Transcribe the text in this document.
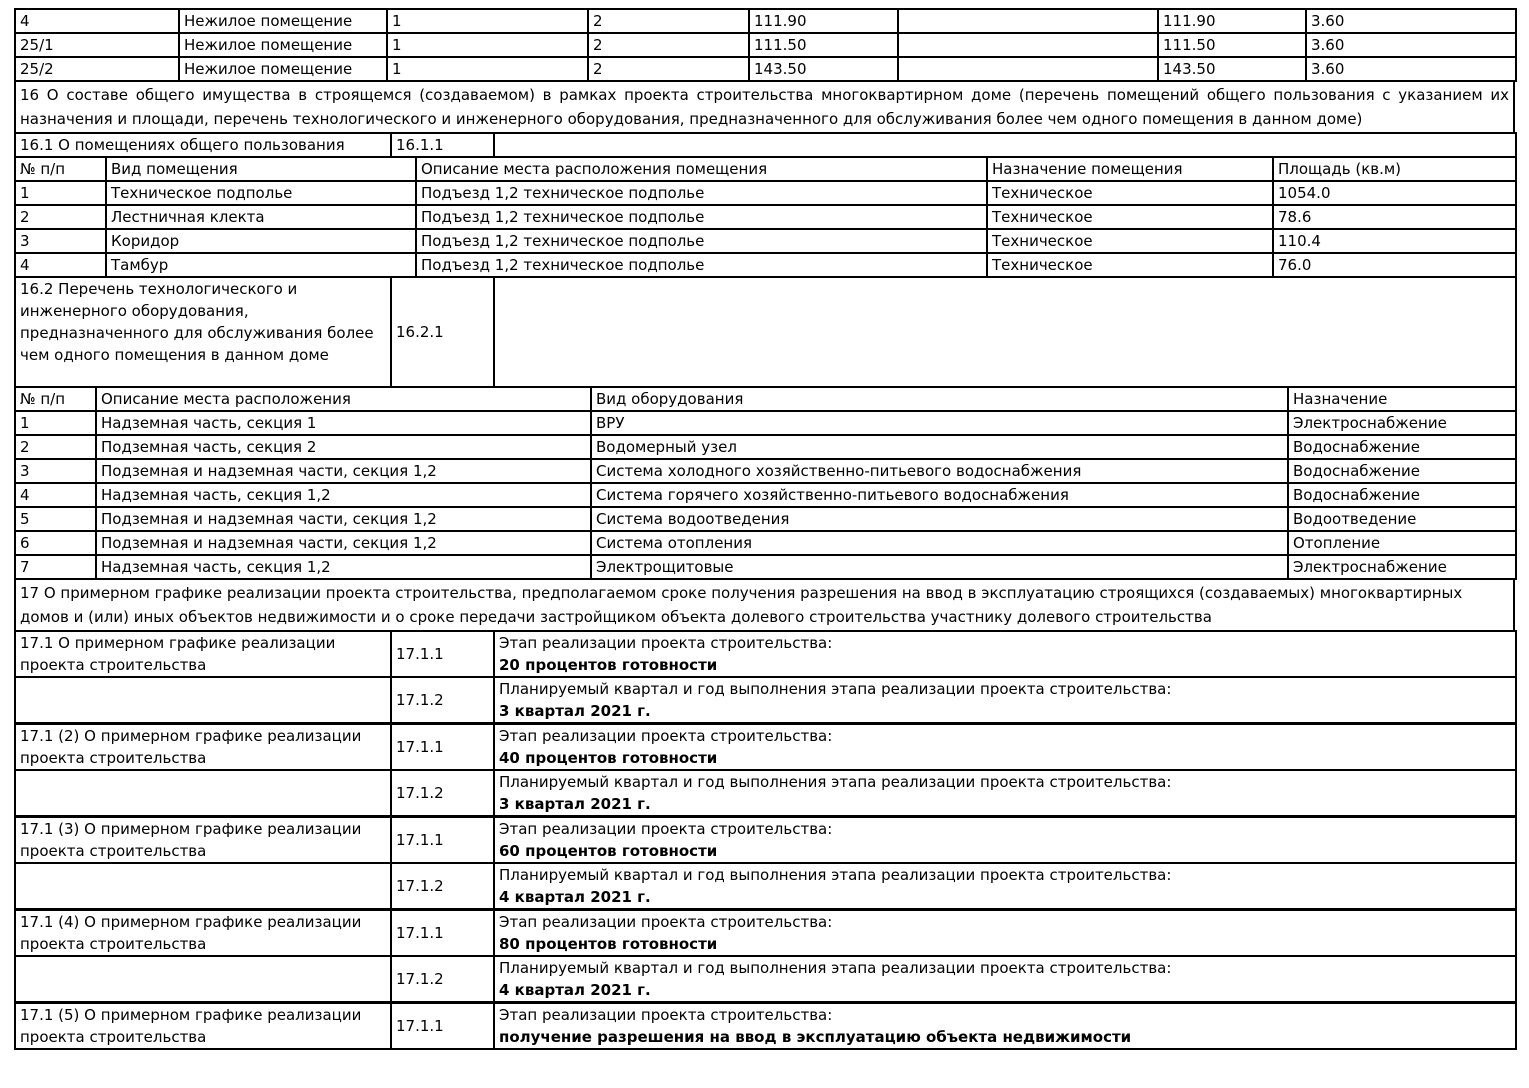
4	Нежилое помещение	1	2	111.90		111.90	3.60
25/1	Нежилое помещение	1	2	111.50		111.50	3.60
25/2	Нежилое помещение	1	2	143.50		143.50	3.60
16 О составе общего имущества в строящемся (создаваемом) в рамках проекта строительства многоквартирном доме (перечень помещений общего пользования с указанием их назначения и площади, перечень технологического и инженерного оборудования, предназначенного для обслуживания более чем одного помещения в данном доме)
16.1 О помещениях общего пользования	16.1.1	
№ п/п	Вид помещения	Описание места расположения помещения	Назначение помещения	Площадь (кв.м)
1	Техническое подполье	Подъезд 1,2 техническое подполье	Техническое	1054.0
2	Лестничная клекта	Подъезд 1,2 техническое подполье	Техническое	78.6
3	Коридор	Подъезд 1,2 техническое подполье	Техническое	110.4
4	Тамбур	Подъезд 1,2 техническое подполье	Техническое	76.0
16.2 Перечень технологического и инженерного оборудования, предназначенного для обслуживания более чем одного помещения в данном доме	16.2.1	
№ п/п	Описание места расположения	Вид оборудования	Назначение
1	Надземная часть, секция 1	ВРУ	Электроснабжение
2	Подземная часть, секция 2	Водомерный узел	Водоснабжение
3	Подземная и надземная части, секция 1,2	Система холодного хозяйственно-питьевого водоснабжения	Водоснабжение
4	Надземная часть, секция 1,2	Система горячего хозяйственно-питьевого водоснабжения	Водоснабжение
5	Подземная и надземная части, секция 1,2	Система водоотведения	Водоотведение
6	Подземная и надземная части, секция 1,2	Система отопления	Отопление
7	Надземная часть, секция 1,2	Электрощитовые	Электроснабжение
17 О примерном графике реализации проекта строительства, предполагаемом сроке получения разрешения на ввод в эксплуатацию строящихся (создаваемых) многоквартирных домов и (или) иных объектов недвижимости и о сроке передачи застройщиком объекта долевого строительства участнику долевого строительства
17.1 О примерном графике реализации проекта строительства	17.1.1	Этап реализации проекта строительства:
20 процентов готовности

	17.1.2	Планируемый квартал и год выполнения этапа реализации проекта строительства:
3 квартал 2021 г.

17.1 (2) О примерном графике реализации проекта строительства	17.1.1	Этап реализации проекта строительства:
40 процентов готовности

	17.1.2	Планируемый квартал и год выполнения этапа реализации проекта строительства:
3 квартал 2021 г.

17.1 (3) О примерном графике реализации проекта строительства	17.1.1	Этап реализации проекта строительства:
60 процентов готовности

	17.1.2	Планируемый квартал и год выполнения этапа реализации проекта строительства:
4 квартал 2021 г.

17.1 (4) О примерном графике реализации проекта строительства	17.1.1	Этап реализации проекта строительства:
80 процентов готовности

	17.1.2	Планируемый квартал и год выполнения этапа реализации проекта строительства:
4 квартал 2021 г.

17.1 (5) О примерном графике реализации проекта строительства	17.1.1	Этап реализации проекта строительства:
получение разрешения на ввод в эксплуатацию объекта недвижимости
